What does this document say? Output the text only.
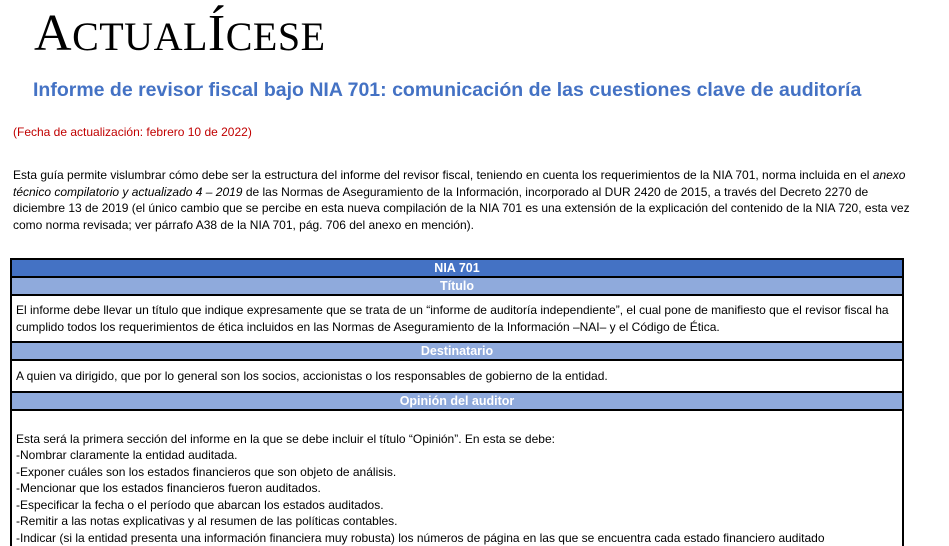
ACTUALÍCESE
Informe de revisor fiscal bajo NIA 701: comunicación de las cuestiones clave de auditoría
(Fecha de actualización: febrero 10 de 2022)
Esta guía permite vislumbrar cómo debe ser la estructura del informe del revisor fiscal, teniendo en cuenta los requerimientos de la NIA 701, norma incluida en el anexo técnico compilatorio y actualizado 4 – 2019 de las Normas de Aseguramiento de la Información, incorporado al DUR 2420 de 2015, a través del Decreto 2270 de diciembre 13 de 2019 (el único cambio que se percibe en esta nueva compilación de la NIA 701 es una extensión de la explicación del contenido de la NIA 720, esta vez como norma revisada; ver párrafo A38 de la NIA 701, pág. 706 del anexo en mención).
NIA 701
Título
El informe debe llevar un título que indique expresamente que se trata de un “informe de auditoría independiente”, el cual pone de manifiesto que el revisor fiscal ha cumplido todos los requerimientos de ética incluidos en las Normas de Aseguramiento de la Información –NAI– y el Código de Ética.
Destinatario
A quien va dirigido, que por lo general son los socios, accionistas o los responsables de gobierno de la entidad.
Opinión del auditor
Esta será la primera sección del informe en la que se debe incluir el título “Opinión”. En esta se debe:
-Nombrar claramente la entidad auditada.
-Exponer cuáles son los estados financieros que son objeto de análisis.
-Mencionar que los estados financieros fueron auditados.
-Especificar la fecha o el período que abarcan los estados auditados.
-Remitir a las notas explicativas y al resumen de las políticas contables.
-Indicar (si la entidad presenta una información financiera muy robusta) los números de página en las que se encuentra cada estado financiero auditado
